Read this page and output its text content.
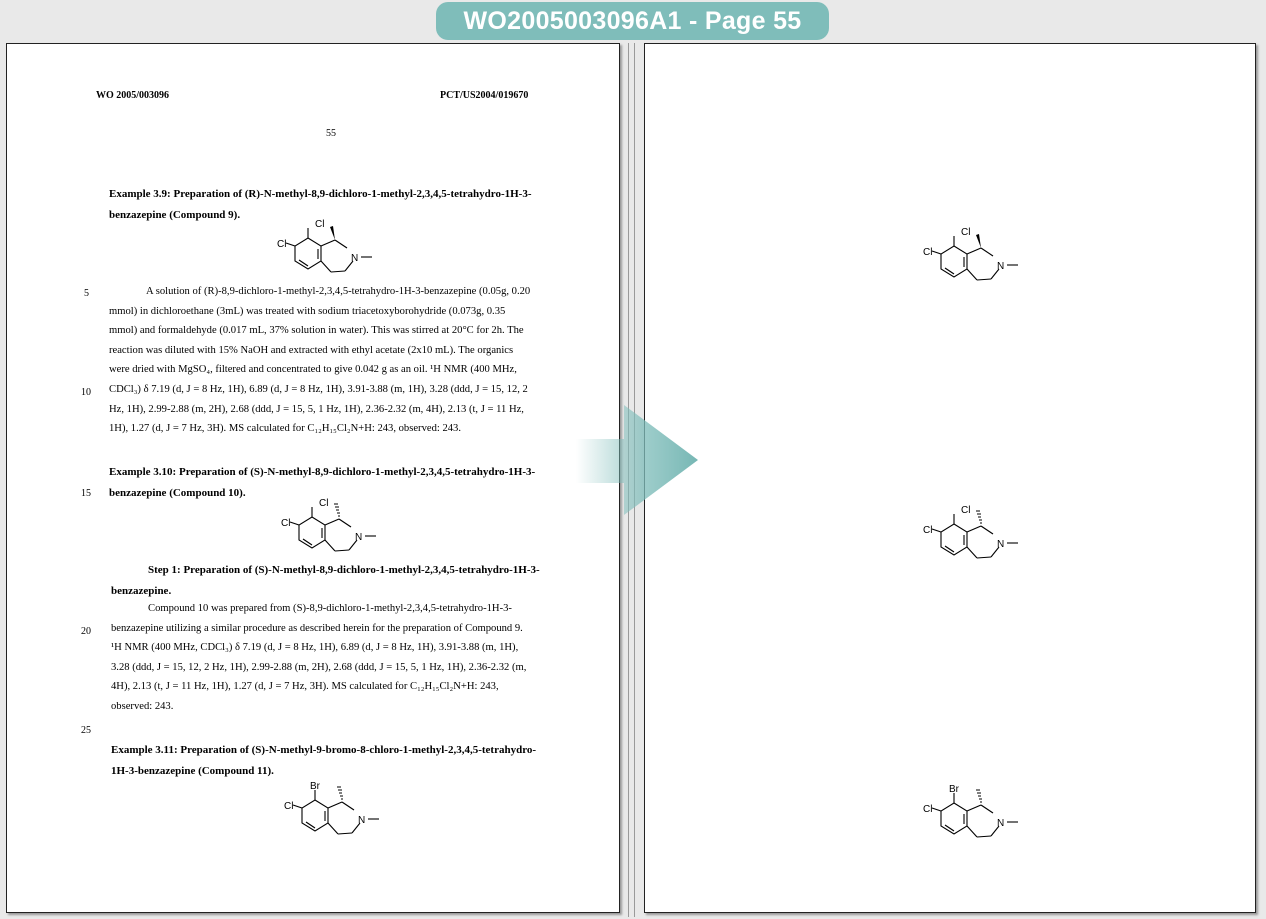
WO2005003096A1 - Page 55
WO 2005/003096	PCT/US2004/019670
55
5
10
15
20
25
Example 3.9: Preparation of (R)-N-methyl-8,9-dichloro-1-methyl-2,3,4,5-tetrahydro-1H-3-
benzazepine (Compound 9).
Cl
Cl
N
A solution of (R)-8,9-dichloro-1-methyl-2,3,4,5-tetrahydro-1H-3-benzazepine (0.05g, 0.20
mmol) in dichloroethane (3mL) was treated with sodium triacetoxyborohydride (0.073g, 0.35
mmol) and formaldehyde (0.017 mL, 37% solution in water). This was stirred at 20°C for 2h. The
reaction was diluted with 15% NaOH and extracted with ethyl acetate (2x10 mL). The organics
were dried with MgSO₄, filtered and concentrated to give 0.042 g as an oil. ¹H NMR (400 MHz,
CDCl₃) δ 7.19 (d, J = 8 Hz, 1H), 6.89 (d, J = 8 Hz, 1H), 3.91-3.88 (m, 1H), 3.28 (ddd, J = 15, 12, 2
Hz, 1H), 2.99-2.88 (m, 2H), 2.68 (ddd, J = 15, 5, 1 Hz, 1H), 2.36-2.32 (m, 4H), 2.13 (t, J = 11 Hz,
1H), 1.27 (d, J = 7 Hz, 3H). MS calculated for C₁₂H₁₅Cl₂N+H: 243, observed: 243.
Example 3.10: Preparation of (S)-N-methyl-8,9-dichloro-1-methyl-2,3,4,5-tetrahydro-1H-3-
benzazepine (Compound 10).
Cl
Cl
N
Step 1: Preparation of (S)-N-methyl-8,9-dichloro-1-methyl-2,3,4,5-tetrahydro-1H-3-
benzazepine.
Compound 10 was prepared from (S)-8,9-dichloro-1-methyl-2,3,4,5-tetrahydro-1H-3-
benzazepine utilizing a similar procedure as described herein for the preparation of Compound 9.
¹H NMR (400 MHz, CDCl₃) δ 7.19 (d, J = 8 Hz, 1H), 6.89 (d, J = 8 Hz, 1H), 3.91-3.88 (m, 1H),
3.28 (ddd, J = 15, 12, 2 Hz, 1H), 2.99-2.88 (m, 2H), 2.68 (ddd, J = 15, 5, 1 Hz, 1H), 2.36-2.32 (m,
4H), 2.13 (t, J = 11 Hz, 1H), 1.27 (d, J = 7 Hz, 3H). MS calculated for C₁₂H₁₅Cl₂N+H: 243,
observed: 243.
Example 3.11: Preparation of (S)-N-methyl-9-bromo-8-chloro-1-methyl-2,3,4,5-tetrahydro-
1H-3-benzazepine (Compound 11).
Br
Cl
N
Cl
Cl
N
Cl
Cl
N
Br
Cl
N
